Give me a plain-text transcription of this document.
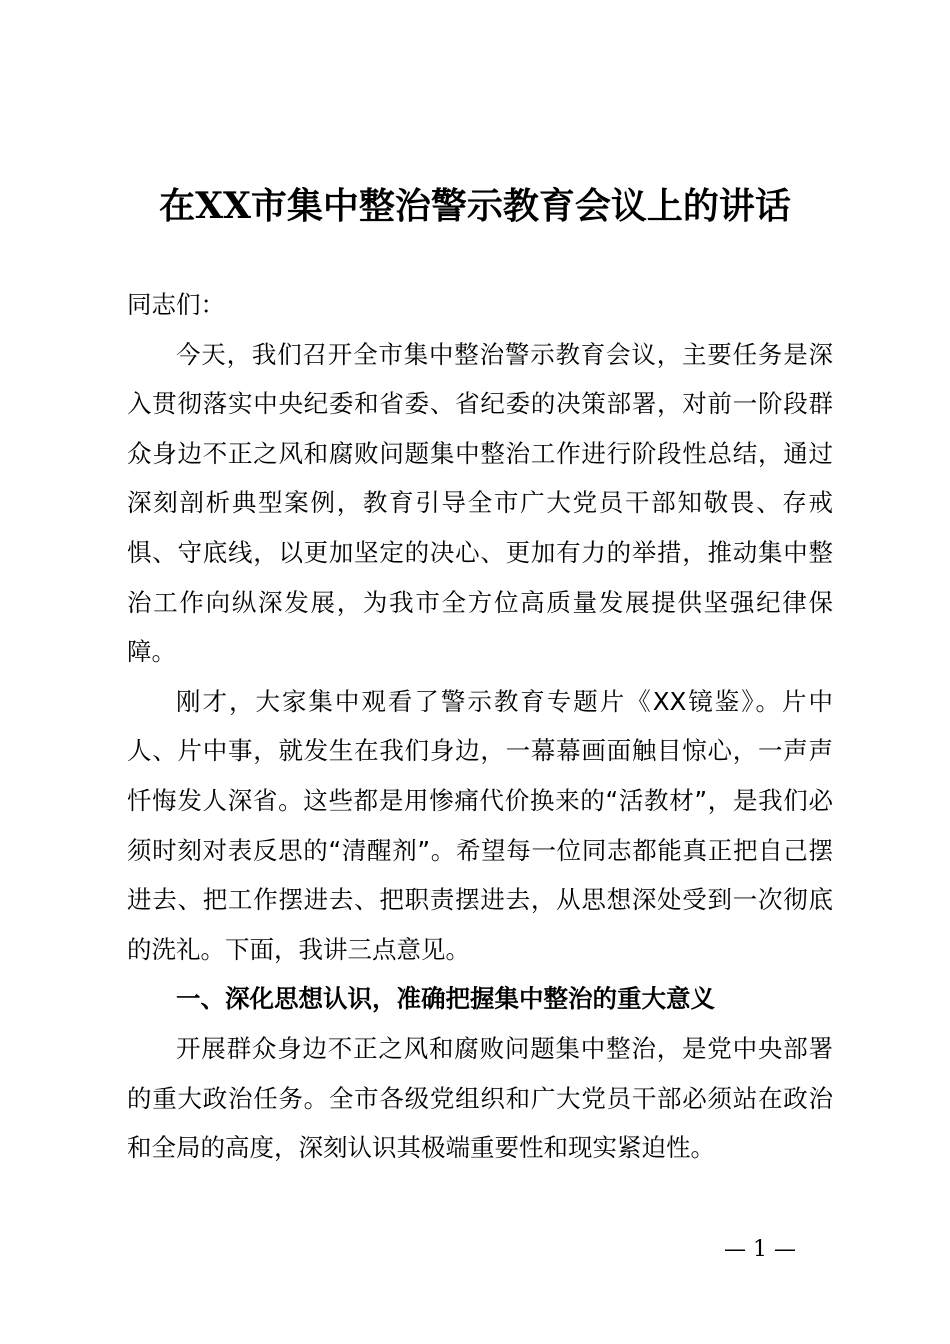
在XX市集中整治警示教育会议上的讲话

同志们：

今天，我们召开全市集中整治警示教育会议，主要任务是深入贯彻落实中央纪委和省委、省纪委的决策部署，对前一阶段群众身边不正之风和腐败问题集中整治工作进行阶段性总结，通过深刻剖析典型案例，教育引导全市广大党员干部知敬畏、存戒惧、守底线，以更加坚定的决心、更加有力的举措，推动集中整治工作向纵深发展，为我市全方位高质量发展提供坚强纪律保障。

刚才，大家集中观看了警示教育专题片《XX镜鉴》。片中人、片中事，就发生在我们身边，一幕幕画面触目惊心，一声声忏悔发人深省。这些都是用惨痛代价换来的“活教材”，是我们必须时刻对表反思的“清醒剂”。希望每一位同志都能真正把自己摆进去、把工作摆进去、把职责摆进去，从思想深处受到一次彻底的洗礼。下面，我讲三点意见。

一、深化思想认识，准确把握集中整治的重大意义

开展群众身边不正之风和腐败问题集中整治，是党中央部署的重大政治任务。全市各级党组织和广大党员干部必须站在政治和全局的高度，深刻认识其极端重要性和现实紧迫性。

— 1 —
